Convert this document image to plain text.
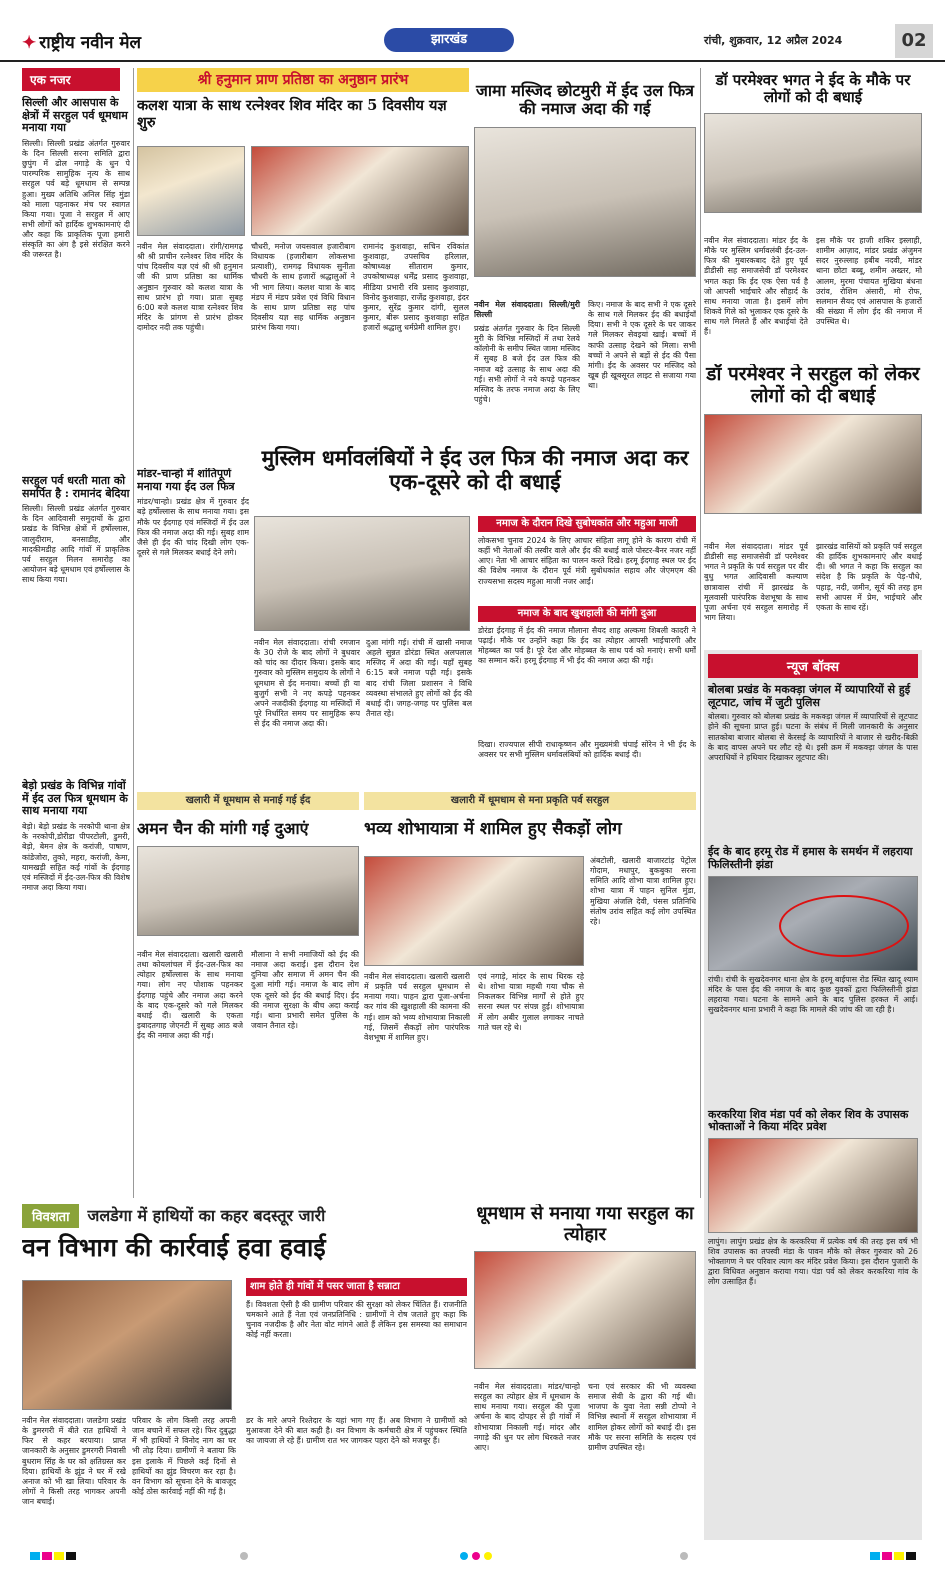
✦ राष्ट्रीय नवीन मेल	झारखंड	रांची, शुक्रवार, 12 अप्रैल 2024	02
एक नजर
सिल्ली और आसपास के क्षेत्रों में सरहुल पर्व धूमधाम मनाया गया
सिल्ली। सिल्ली प्रखंड अंतर्गत गुरुवार के दिन सिल्ली सरना समिति द्वारा छुपुंग में ढोल नगाड़े के धुन पे पारम्परिक सामुहिक नृत्य के साथ सरहुल पर्व बड़े धूमधाम से सम्पन्न हुआ। मुख्य अतिथि अनिल सिंह मुंडा को माला पहनाकर मंच पर स्वागत किया गया। पूजा ने सरहुल में आए सभी लोगों को हार्दिक शुभकामनाएं दी और कहा कि प्राकृतिक पूजा हमारी संस्कृति का अंग है इसे संरक्षित करने की जरूरत है।
सरहुल पर्व धरती माता को समर्पित है : रामानंद बेदिया
सिल्ली। सिल्ली प्रखंड अंतर्गत गुरुवार के दिन आदिवासी समुदायों के द्वारा प्रखंड के विभिन्न क्षेत्रों में हर्षोल्लास, जालुदीराम, बनसाडीह, और मादकीमडीह आदि गांवों में प्राकृतिक पर्व सरहुल मिलन समारोह का आयोजन बड़े धूमधाम एवं हर्षोल्लास के साथ किया गया।
बेड़ो प्रखंड के विभिन्न गांवों में ईद उल फित्र धूमधाम के साथ मनाया गया
बेड़ो। बेड़ो प्रखंड के नरकोपी थाना क्षेत्र के नरकोपी,डोरीडा पीपरटोली, डुमरी, बेड़ो, बेमन क्षेत्र के करांजी, पाषाण, कांडेजोरा, तुको, महरा, करांजी, केमा, यामखड़ी सहित कई गांवों के ईदगाह एवं मस्जिदों में ईद-उल-फित्र की विशेष नमाज अदा किया गया।
श्री हनुमान प्राण प्रतिष्ठा का अनुष्ठान प्रारंभ
कलश यात्रा के साथ रत्नेश्वर शिव मंदिर का 5 दिवसीय यज्ञ शुरु
नवीन मेल संवाददाता। रांगी/रामगढ़ श्री श्री प्राचीन रत्नेश्वर शिव मंदिर के पांच दिवसीय यज्ञ एवं श्री श्री हनुमान जी की प्राण प्रतिष्ठा का धार्मिक अनुष्ठान गुरुवार को कलश यात्रा के साथ प्रारंभ हो गया। प्रातः सुबह 6:00 बजे कलश यात्रा रत्नेश्वर शिव मंदिर के प्रांगण से प्रारंभ होकर दामोदर नदी तक पहुंची।
चौधरी, मनोज जयसवाल हजारीबाग विधायक (हजारीबाग लोकसभा प्रत्याशी), रामगढ़ विधायक सुनीता चौधरी के साथ हजारों श्रद्धालुओं ने भी भाग लिया। कलश यात्रा के बाद मंडप में मंडप प्रवेश एवं विधि विधान के साथ प्राण प्रतिष्ठा सह पांच दिवसीय यज्ञ सह धार्मिक अनुष्ठान प्रारंभ किया गया।
रामानंद कुशवाहा, सचिन रविकांत कुशवाहा, उपसचिव हरिलाल, कोषाध्यक्ष सीताराम कुमार, उपकोषाध्यक्ष धर्मेंद्र प्रसाद कुशवाहा, मीडिया प्रभारी रवि प्रसाद कुशवाहा, विनोद कुशवाहा, राजेंद्र कुशवाहा, इंदर कुमार, सुरेंद्र कुमार दांगी, सुलल कुमार, बीरू प्रसाद कुशवाहा सहित हजारों श्रद्धालु धर्मप्रेमी शामिल हुए।
जामा मस्जिद छोटमुरी में ईद उल फित्र की नमाज अदा की गई
नवीन मेल संवाददाता। सिल्ली/मुरी सिल्ली
प्रखंड अंतर्गत गुरुवार के दिन सिल्ली मुरी के विभिन्न मस्जिदों में तथा रेलवे कॉलोनी के समीप स्थित जामा मस्जिद में सुबह 8 बजे ईद उल फित्र की नमाज बड़े उत्साह के साथ अदा की गई। सभी लोगों ने नये कपड़े पहनकर मस्जिद के तरफ नमाज अदा के लिए पहुंचे।
किए। नमाज के बाद सभी ने एक दूसरे के साथ गले मिलकर ईद की बधाईयाँ दिया। सभी ने एक दूसरे के घर जाकर गले मिलकर सेवइयां खाई। बच्चों में काफी उत्साह देखने को मिला। सभी बच्चों ने अपने से बड़ों से ईद की पैसा मांगी। ईद के अवसर पर मस्जिद को खूब ही खूबसूरत लाइट से सजाया गया था।
डॉ परमेश्वर भगत ने ईद के मौके पर लोगों को दी बधाई
नवीन मेल संवाददाता। मांडर ईद के मौके पर मुस्लिम धर्मावलंबी ईद-उल-फित्र की मुबारकबाद देते हुए पूर्व डीडीसी सह समाजसेवी डॉ परमेश्वर भगत कहा कि ईद एक ऐसा पर्व है जो आपसी भाईचारे और सौहार्द के साथ मनाया जाता है। इसमें लोग शिकवे गिले को भुलाकर एक दूसरे के साथ गले मिलते हैं और बधाईयां देते हैं।
इस मौके पर हाजी शकिर इस्लाही, शामीम आज़ाद, मांडर प्रखंड अंजुमन सदर नुरुल्लाह हबीब नदवी, मांडर थाना छोटा बब्बू, शमीम अख्तर, मो आलम, मुरमा पंचायत मुखिया बंधना उरांव, रोशिम अंसारी, मो रोफ, सलमान सैयद एवं आसपास के हजारों की संख्या में लोग ईद की नमाज में उपस्थित थे।
डॉ परमेश्वर ने सरहुल को लेकर लोगों को दी बधाई
नवीन मेल संवाददाता। मांडर पूर्व डीडीसी सह समाजसेवी डॉ परमेश्वर भगत ने प्रकृति के पर्व सरहुल पर वीर बुधु भगत आदिवासी कल्याण छात्रावास रांची में झारखंड के मूलवासी पारंपरिक वेशभूषा के साथ पूजा अर्चना एवं सरहुल समारोह में भाग लिया।
झारखंड वासियों को प्रकृति पर्व सरहुल की हार्दिक शुभकामनाएं और बधाई दी। श्री भगत ने कहा कि सरहुल का संदेश है कि प्रकृति के पेड़-पौधे, पहाड़, नदी, जमीन, सूर्य की तरह हम सभी आपस में प्रेम, भाईचारे और एकता के साथ रहें।
मांडर-चान्हो में शांतिपूर्ण मनाया गया ईद उल फित्र
मांडर/चान्हो। प्रखंड क्षेत्र में गुरुवार ईद बड़े हर्षोल्लास के साथ मनाया गया। इस मौके पर ईदगाह एवं मस्जिदों में ईद उल फित्र की नमाज अदा की गई। सुबह शाम जैसे ही ईद की चांद दिखी लोग एक-दूसरे से गले मिलकर बधाई देने लगे।
मुस्लिम धर्मावलंबियों ने ईद उल फित्र की नमाज अदा कर एक-दूसरे को दी बधाई
नवीन मेल संवाददाता। रांची रमजान के 30 रोजे के बाद लोगों ने बुधवार को चांद का दीदार किया। इसके बाद गुरुवार को मुस्लिम समुदाय के लोगों ने धूमधाम से ईद मनाया। बच्चों ही या बुजुर्ग सभी ने नए कपड़े पहनकर अपने नजदीकी ईदगाह या मस्जिदों में पूरे निर्धारित समय पर सामुहिक रूप से ईद की नमाज अदा की।
दुआ मांगी गई। रांची में खासी नमाज अहले सुन्नत डोरंडा स्थित अलपलाल मस्जिद में अदा की गई। यहाँ सुबह 6:15 बजे नमाज पढ़ी गई। इसके बाद रांची जिला प्रशासन ने विधि व्यवस्था संभालते हुए लोगों को ईद की बधाई दी। जगह-जगह पर पुलिस बल तैनात रहे।
नमाज के दौरान दिखे सुबोधकांत और महुआ माजी
लोकसभा चुनाव 2024 के लिए आचार संहिता लागू होने के कारण रांची में कहीं भी नेताओं की तस्वीर वाले और ईद की बधाई वाले पोस्टर-बैनर नजर नहीं आए। नेता भी आचार संहिता का पालन करते दिखे। हरमू ईदगाह स्थल पर ईद की विशेष नमाज के दौरान पूर्व मंत्री सुबोधकांत सहाय और जेएमएम की राज्यसभा सदस्य महुआ माजी नजर आईं।
नमाज के बाद खुशहाली की मांगी दुआ
डोरंडा ईदगाह में ईद की नमाज मौलाना सैयद शाह अल्कमा शिबली कादरी ने पढ़ाई। मौके पर उन्होंने कहा कि ईद का त्योहार आपसी भाईचारगी और मोहब्बत का पर्व है। पूरे देश और मोहब्बत के साथ पर्व को मनाएं। सभी धर्मों का सम्मान करें। हरमू ईदगाह में भी ईद की नमाज अदा की गई।
दिखा। राज्यपाल सीपी राधाकृष्णन और मुख्यमंत्री चंपाई सोरेन ने भी ईद के अवसर पर सभी मुस्लिम धर्मावलंबियों को हार्दिक बधाई दी।
खलारी में धूमधाम से मनाई गई ईद
अमन चैन की मांगी गई दुआएं
नवीन मेल संवाददाता। खलारी खलारी तथा कोयलांचल में ईद-उल-फित्र का त्योहार हर्षोल्लास के साथ मनाया गया। लोग नए पोशाक पहनकर ईदगाह पहुंचे और नमाज अदा करने के बाद एक-दूसरे को गले मिलकर बधाई दी। खलारी के एकता इबादतगाह जेएनटी में सुबह आठ बजे ईद की नमाज अदा की गई।
मौलाना ने सभी नमाजियों को ईद की नमाज अदा कराई। इस दौरान देश दुनिया और समाज में अमन चैन की दुआ मांगी गई। नमाज के बाद लोग एक दूसरे को ईद की बधाई दिए। ईद की नमाज सुरक्षा के बीच अदा कराई गई। थाना प्रभारी समेत पुलिस के जवान तैनात रहे।
खलारी में धूमधाम से मना प्रकृति पर्व सरहुल
भव्य शोभायात्रा में शामिल हुए सैकड़ों लोग
नवीन मेल संवाददाता। खलारी खलारी में प्रकृति पर्व सरहुल धूमधाम से मनाया गया। पाहन द्वारा पूजा-अर्चना कर गांव की खुशहाली की कामना की गई। शाम को भव्य शोभायात्रा निकाली गई, जिसमें सैकड़ों लोग पारंपरिक वेशभूषा में शामिल हुए।
एवं नगाड़े, मांदर के साथ थिरक रहे थे। शोभा यात्रा महथी गया चौक से निकलकर विभिन्न मार्गों से होते हुए सरना स्थल पर संपन्न हुई। शोभायात्रा में लोग अबीर गुलाल लगाकर नाचते गाते चल रहे थे।
अंबटोली, खलारी बाजारटांड़ पेट्रोल गोदाम, मधापुर, बुकबुका सरना समिति आदि शोभा यात्रा शामिल हुए। शोभा यात्रा में पाहन सुनिल मुंडा, मुखिया अंजलि देवी, पंसस प्रतिनिधि संतोष उरांव सहित कई लोग उपस्थित रहे।
न्यूज बॉक्स
बोलबा प्रखंड के मकक्ड़ा जंगल में व्यापारियों से हुई लूटपाट, जांच में जुटी पुलिस
बोलबा। गुरुवार को बोलबा प्रखंड के मकक्ड़ा जंगल में व्यापारियों से लूटपाट होने की सूचना प्राप्त हुई। घटना के संबंध में मिली जानकारी के अनुसार सातकोबा बाजार बोलबा से केरसई के व्यापारियों ने बाजार से खरीद-बिक्री के बाद वापस अपने घर लौट रहे थे। इसी क्रम में मकक्ड़ा जंगल के पास अपराधियों ने हथियार दिखाकर लूटपाट की।
ईद के बाद हरमू रोड में हमास के समर्थन में लहराया फिलिस्तीनी झंडा
रांची। रांची के सुखदेवनगर थाना क्षेत्र के हरमू बाईपास रोड स्थित खादू श्याम मंदिर के पास ईद की नमाज के बाद कुछ युवकों द्वारा फिलिस्तीनी झंडा लहराया गया। घटना के सामने आने के बाद पुलिस हरकत में आई। सुखदेवनगर थाना प्रभारी ने कहा कि मामले की जांच की जा रही है।
करकरिया शिव मंडा पर्व को लेकर शिव के उपासक भोक्ताओं ने किया मंदिर प्रवेश
लापुंग। लापुंग प्रखंड क्षेत्र के करकरिया में प्रत्येक वर्ष की तरह इस वर्ष भी शिव उपासक का तपस्वी मंडा के पावन मौके को लेकर गुरुवार को 26 भोक्तागण ने घर परिवार त्याग कर मंदिर प्रवेश किया। इस दौरान पुजारी के द्वारा विधिवत अनुष्ठान कराया गया। पंडा पर्व को लेकर करकरिया गांव के लोग उत्साहित हैं।
विवशता	जलडेगा में हाथियों का कहर बदस्तूर जारी
वन विभाग की कार्रवाई हवा हवाई
शाम होते ही गांवों में पसर जाता है सन्नाटा
हैं। विवशता ऐसी है की ग्रामीण परिवार की सुरक्षा को लेकर चिंतित हैं। राजनीति चमकाने आते हैं नेता एवं जनप्रतिनिधि : ग्रामीणों ने रोष जताते हुए कहा कि चुनाव नजदीक है और नेता वोट मांगने आते हैं लेकिन इस समस्या का समाधान कोई नहीं करता।
नवीन मेल संवाददाता। जलडेगा प्रखंड के डुमरगरी में बीते रात हाथियों ने फिर से कहर बरपाया। प्राप्त जानकारी के अनुसार डुमरगरी निवासी बुधराम सिंह के घर को क्षतिग्रस्त कर दिया। हाथियों के झुंड ने घर में रखे अनाज को भी खा लिया। परिवार के लोगों ने किसी तरह भागकर अपनी जान बचाई।
परिवार के लोग किसी तरह अपनी जान बचाने में सफल रहे। फिर दुबुद्धा में भी हाथियों ने विनोद नाग का घर भी तोड़ दिया। ग्रामीणों ने बताया कि इस इलाके में पिछले कई दिनों से हाथियों का झुंड विचरण कर रहा है। वन विभाग को सूचना देने के बावजूद कोई ठोस कार्रवाई नहीं की गई है।
डर के मारे अपने रिश्तेदार के यहां भाग गए हैं। अब विभाग ने ग्रामीणों को मुआवजा देने की बात कही है। वन विभाग के कर्मचारी क्षेत्र में पहुंचकर स्थिति का जायजा ले रहे हैं। ग्रामीण रात भर जागकर पहरा देने को मजबूर हैं।
धूमधाम से मनाया गया सरहुल का त्योहार
नवीन मेल संवाददाता। मांडर/चान्हो सरहुल का त्योहार क्षेत्र में धूमधाम के साथ मनाया गया। सरहुल की पूजा अर्चना के बाद दोपहर से ही गांवों में शोभायात्रा निकाली गई। मांदर और नगाड़े की धुन पर लोग थिरकते नजर आए।
चना एवं सरकार की भी व्यवस्था समाज सेवी के द्वारा की गई थी। भाजपा के युवा नेता सन्नी टोप्पो ने विभिन्न स्थानों में सरहुल शोभायात्रा में शामिल होकर लोगों को बधाई दी। इस मौके पर सरना समिति के सदस्य एवं ग्रामीण उपस्थित रहे।
